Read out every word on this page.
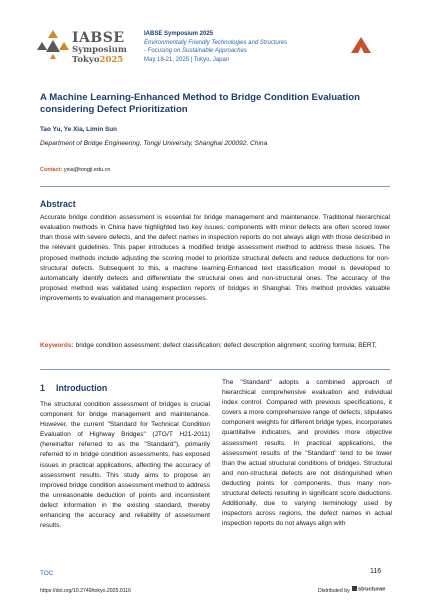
IABSE
Symposium
Tokyo2025
IABSE Symposium 2025
Environmentally Friendly Technologies and Structures
- Focusing on Sustainable Approaches
May 18-21, 2025 | Tokyo, Japan
A Machine Learning-Enhanced Method to Bridge Condition Evaluation considering Defect Prioritization
Tao Yu, Ye Xia, Limin Sun
Department of Bridge Engineering, Tongji University, Shanghai 200092, China
Contact: yxia@tongji.edu.cn
Abstract
Accurate bridge condition assessment is essential for bridge management and maintenance. Traditional hierarchical evaluation methods in China have highlighted two key issues: components with minor defects are often scored lower than those with severe defects, and the defect names in inspection reports do not always align with those described in the relevant guidelines. This paper introduces a modified bridge assessment method to address these issues. The proposed methods include adjusting the scoring model to prioritize structural defects and reduce deductions for non-structural defects. Subsequent to this, a machine learning-Enhanced text classification model is developed to automatically identify defects and differentiate the structural ones and non-structural ones. The accuracy of the proposed method was validated using inspection reports of bridges in Shanghai. This method provides valuable improvements to evaluation and management processes.
Keywords: bridge condition assessment; defect classification; defect description alignment; scoring formula; BERT,
1 Introduction
The structural condition assessment of bridges is crucial component for bridge management and maintenance. However, the current "Standard for Technical Condition Evaluation of Highway Bridges" (JTG/T H21-2011) (hereinafter referred to as the "Standard"), primarily referred to in bridge condition assessments, has exposed issues in practical applications, affecting the accuracy of assessment results. This study aims to propose an improved bridge condition assessment method to address the unreasonable deduction of points and inconsistent defect information in the existing standard, thereby enhancing the accuracy and reliability of assessment results.
The "Standard" adopts a combined approach of hierarchical comprehensive evaluation and individual index control. Compared with previous specifications, it covers a more comprehensive range of defects, stipulates component weights for different bridge types, incorporates quantitative indicators, and provides more objective assessment results. In practical applications, the assessment results of the "Standard" tend to be lower than the actual structural conditions of bridges. Structural and non-structural defects are not distinguished when deducting points for components, thus many non-structural defects resulting in significant score deductions. Additionally, due to varying terminology used by inspectors across regions, the defect names in actual inspection reports do not always align with
TOC	116
https://doi.org/10.2749/tokyo.2025.0116	Distributed by	structurae
